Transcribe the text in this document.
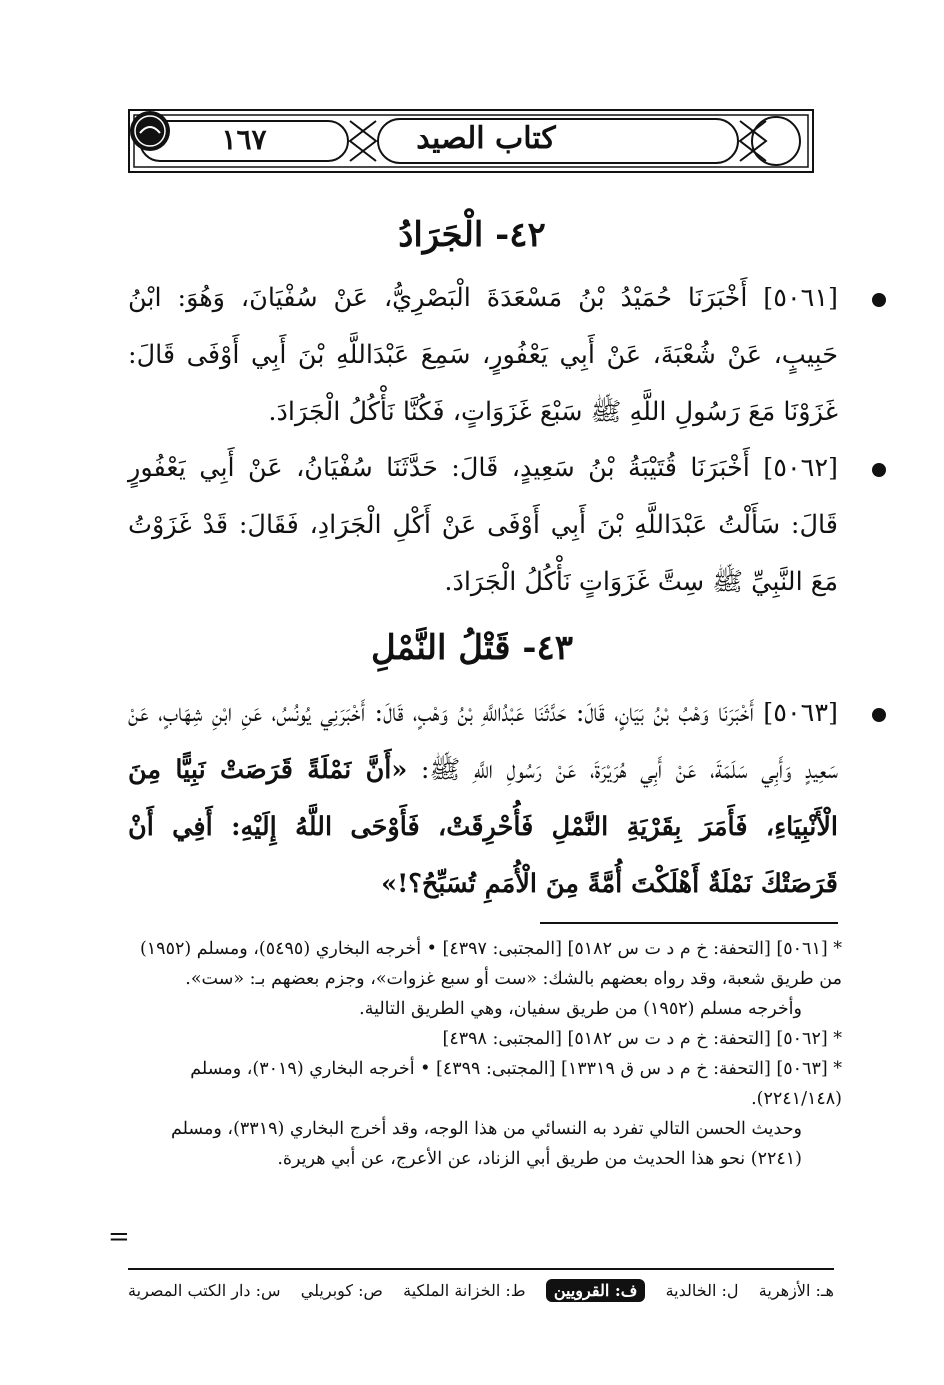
١٦٧	كتاب الصيد
٤٢- الْجَرَادُ
[٥٠٦١] أَخْبَرَنَا حُمَيْدُ بْنُ مَسْعَدَةَ الْبَصْرِيُّ، عَنْ سُفْيَانَ، وَهُوَ: ابْنُ حَبِيبٍ، عَنْ شُعْبَةَ، عَنْ أَبِي يَعْفُورٍ، سَمِعَ عَبْدَاللَّهِ بْنَ أَبِي أَوْفَى قَالَ: غَزَوْنَا مَعَ رَسُولِ اللَّهِ ﷺ سَبْعَ غَزَوَاتٍ، فَكُنَّا نَأْكُلُ الْجَرَادَ.
[٥٠٦٢] أَخْبَرَنَا قُتَيْبَةُ بْنُ سَعِيدٍ، قَالَ: حَدَّثَنَا سُفْيَانُ، عَنْ أَبِي يَعْفُورٍ قَالَ: سَأَلْتُ عَبْدَاللَّهِ بْنَ أَبِي أَوْفَى عَنْ أَكْلِ الْجَرَادِ، فَقَالَ: قَدْ غَزَوْتُ مَعَ النَّبِيِّ ﷺ سِتَّ غَزَوَاتٍ نَأْكُلُ الْجَرَادَ.
٤٣- قَتْلُ النَّمْلِ
[٥٠٦٣] أَخْبَرَنَا وَهْبُ بْنُ بَيَانٍ، قَالَ: حَدَّثَنَا عَبْدُاللَّهِ بْنُ وَهْبٍ، قَالَ: أَخْبَرَنِي يُونُسُ، عَنِ ابْنِ شِهَابٍ، عَنْ سَعِيدٍ وَأَبِي سَلَمَةَ، عَنْ أَبِي هُرَيْرَةَ، عَنْ رَسُولِ اللَّهِ ﷺ: «أَنَّ نَمْلَةً قَرَصَتْ نَبِيًّا مِنَ الْأَنْبِيَاءِ، فَأَمَرَ بِقَرْيَةِ النَّمْلِ فَأُحْرِقَتْ، فَأَوْحَى اللَّهُ إِلَيْهِ: أَفِي أَنْ قَرَصَتْكَ نَمْلَةٌ أَهْلَكْتَ أُمَّةً مِنَ الْأُمَمِ تُسَبِّحُ؟!»

* [٥٠٦١] [التحفة: خ م د ت س ٥١٨٢] [المجتبى: ٤٣٩٧] • أخرجه البخاري (٥٤٩٥)، ومسلم (١٩٥٢) من طريق شعبة، وقد رواه بعضهم بالشك: «ست أو سبع غزوات»، وجزم بعضهم بـ: «ست».

وأخرجه مسلم (١٩٥٢) من طريق سفيان، وهي الطريق التالية.

* [٥٠٦٢] [التحفة: خ م د ت س ٥١٨٢] [المجتبى: ٤٣٩٨]

* [٥٠٦٣] [التحفة: خ م د س ق ١٣٣١٩] [المجتبى: ٤٣٩٩] • أخرجه البخاري (٣٠١٩)، ومسلم (٢٢٤١/١٤٨).

وحديث الحسن التالي تفرد به النسائي من هذا الوجه، وقد أخرج البخاري (٣٣١٩)، ومسلم (٢٢٤١) نحو هذا الحديث من طريق أبي الزناد، عن الأعرج، عن أبي هريرة.

=
س: دار الكتب المصرية ص: كوبريلي ط: الخزانة الملكية	ف: القرويين	ل: الخالدية هـ: الأزهرية
